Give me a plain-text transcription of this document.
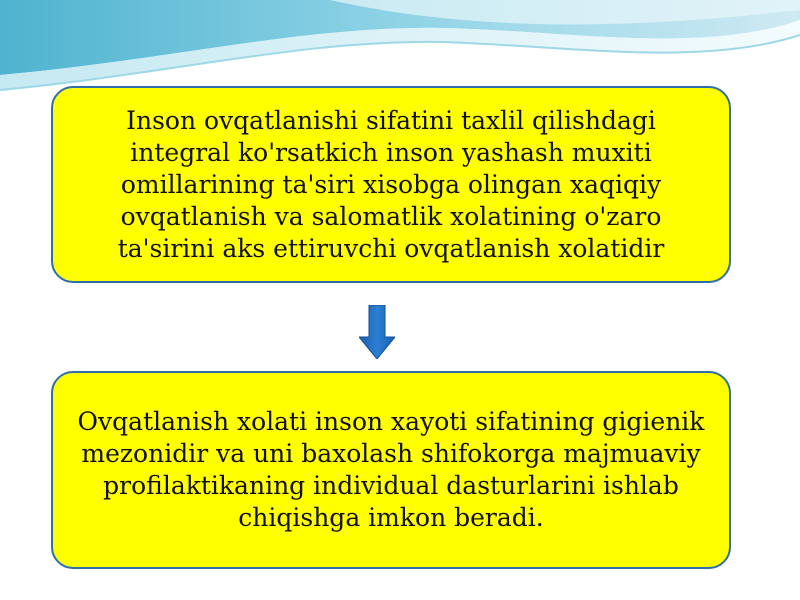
Inson ovqatlanishi sifatini taxlil qilishdagi
integral ko'rsatkich inson yashash muxiti
omillarining ta'siri xisobga olingan xaqiqiy
ovqatlanish va salomatlik xolatining o'zaro
ta'sirini aks ettiruvchi ovqatlanish xolatidir
Ovqatlanish xolati inson xayoti sifatining gigienik
mezonidir va uni baxolash shifokorga majmuaviy
profilaktikaning individual dasturlarini ishlab
chiqishga imkon beradi.
